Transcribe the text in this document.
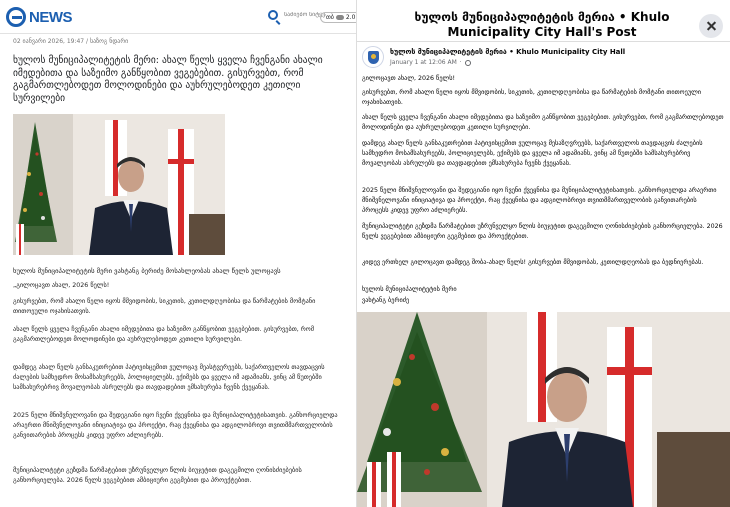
NEWS
საძიებო სიტყვა	თბ 2.0
02 იანვარი 2026, 19:47 / საზოგ ნდარი
ხულოს მუნიციპალიტეტის მერი: ახალ წელს ყველა ჩვენგანი ახალი იმედებითა და საზეიმო განწყობით ვეგებებით. გისურვებთ, რომ გაგმართლებოდეთ მოლოდინები და აუხრულებოდეთ კეთილი სურვილები
ხულოს მუნიციპალიტეტის მერი ვახტანგ ბერიძე მოსახლეობას ახალ წელს ულოცავს
„გილოცავთ ახალ, 2026 წელს!
გისურვებთ, რომ ახალი წელი იყოს მშვიდობის, სიკეთის, კეთილდღეობისა და წარმატების მომტანი თითოეული ოჯახისათვის.
ახალ წელს ყველა ჩვენგანი ახალი იმედებითა და საზეიმო განწყობით ვეგებებით. გისურვებთ, რომ გაგმართლებოდეთ მოლოდინები და აუხრულებოდეთ კეთილი სურვილები.
დამდეგ ახალ წელს განსაკუთრებით პატივისცემით ვულოცავ მეასტვერეებს, საქართველოს თავდაცვის ძალების სამხედრო მოსამსახურეებს, პოლიციელებს, ექიმებს და ყველა იმ ადამიანს, ვინც ამ წუთებში სამსახურებრივ მოვალეობას ასრულებს და თავდადებით ემსახურება ჩვენს ქვეყანას.
2025 წელი მნიშვნელოვანი და შედეგიანი იყო ჩვენი ქვეყნისა და მუნიციპალიტეტისათვის. განხორციელდა არაერთი მნიშვნელოვანი ინიციატივა და პროექტი, რაც ქვეყნისა და ადგილობრივი თვითმმართველობის განვითარების პროცესს კიდევ უფრო აძლიერებს.
მუნიციპალიტეტი გეზდმა წარმატებით უზრუნველყო წლის ბიუჯეტით დაგეგმილი ღონისძიებების განხორციელება. 2026 წელს ვეგებებით ამბიციური გეგმებით და პროექტებით.
ხულოს მუნიციპალიტეტის მერია • Khulo Municipality City Hall's Post
ხულოს მუნიციპალიტეტის მერია • Khulo Municipality City Hall
January 1 at 12:06 AM ·
გილოცავთ ახალ, 2026 წელს!
გისურვებთ, რომ ახალი წელი იყოს მშვიდობის, სიკეთის, კეთილდღეობისა და წარმატების მომტანი თითოეული ოჯახისათვის.
ახალ წელს ყველა ჩვენგანი ახალი იმედებითა და საზეიმო განწყობით ვეგებებით. გისურვებთ, რომ გაგმართლებოდეთ მოლოდინები და აუხრულებოდეთ კეთილი სურვილები.
დამდეგ ახალ წელს განსაკუთრებით პატივისცემით ვულოცავ მესაზღვრეებს, საქართველოს თავდაცვის ძალების სამხედრო მოსამსახურეებს, პოლიციელებს, ექიმებს და ყველა იმ ადამიანს, ვინც ამ წუთებში სამსახურებრივ მოვალეობას ასრულებს და თავდადებით ემსახურება ჩვენს ქვეყანას.
2025 წელი მნიშვნელოვანი და შედეგიანი იყო ჩვენი ქვეყნისა და მუნიციპალიტეტისათვის. განხორციელდა არაერთი მნიშვნელოვანი ინიციატივა და პროექტი, რაც ქვეყნისა და ადგილობრივი თვითმმართველობის განვითარების პროცესს კიდევ უფრო აძლიერებს.
მუნიციპალიტეტი გეზდმა წარმატებით უზრუნველყო წლის ბიუჯეტით დაგეგმილი ღონისძიებების განხორციელება. 2026 წელს ვეგებებით ამბიციური გეგმებით და პროექტებით.
კიდევ ერთხელ გილოცავთ დამდეგ შობა-ახალ წელს! გისურვებთ მშვიდობას, კეთილდღეობას და ბედნიერებას.
ხულოს მუნიციპალიტეტის მერი
ვახტანგ ბერიძე
